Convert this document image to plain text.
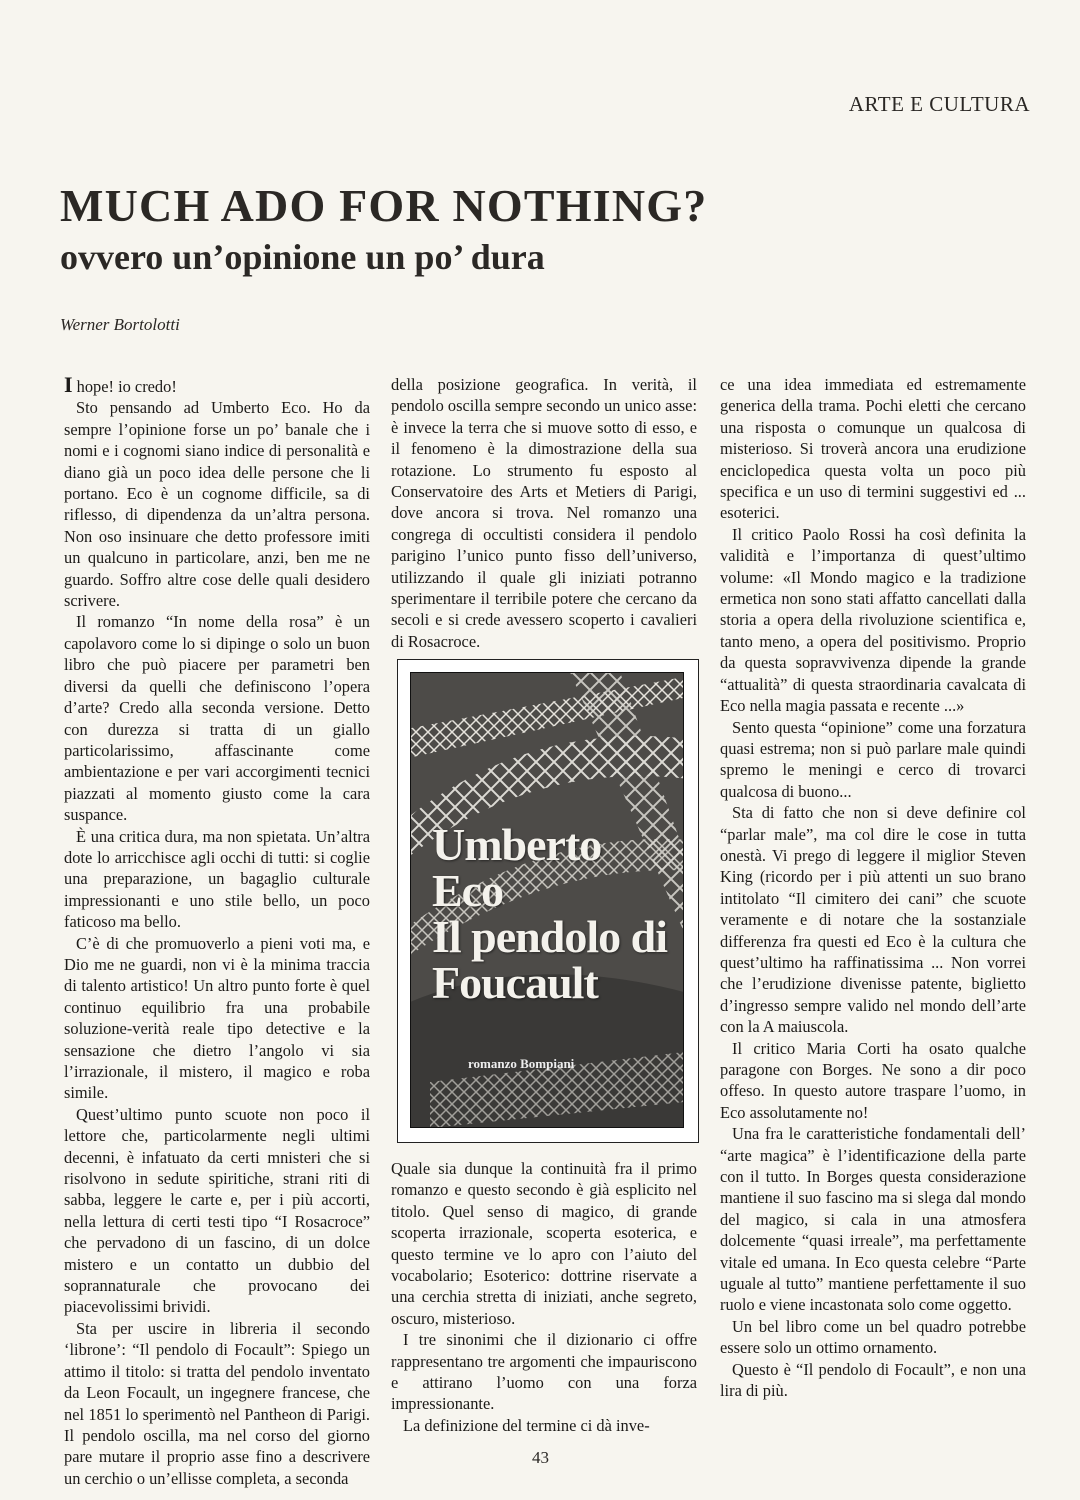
ARTE E CULTURA
MUCH ADO FOR NOTHING?
ovvero un’opinione un po’ dura
Werner Bortolotti

I hope! io credo!

Sto pensando ad Umberto Eco. Ho da sempre l’opinione forse un po’ banale che i nomi e i cognomi siano indice di personalità e diano già un poco idea delle persone che li portano. Eco è un cognome difficile, sa di riflesso, di dipendenza da un’altra persona. Non oso insinuare che detto professore imiti un qualcuno in particolare, anzi, ben me ne guardo. Soffro altre cose delle quali desidero scrivere.

Il romanzo “In nome della rosa” è un capolavoro come lo si dipinge o solo un buon libro che può piacere per parametri ben diversi da quelli che definiscono l’opera d’arte? Credo alla seconda versione. Detto con durezza si tratta di un giallo particolarissimo, affascinante come ambientazione e per vari accorgimenti tecnici piazzati al momento giusto come la cara suspance.

È una critica dura, ma non spietata. Un’altra dote lo arricchisce agli occhi di tutti: si coglie una preparazione, un bagaglio culturale impressionanti e uno stile bello, un poco faticoso ma bello.

C’è di che promuoverlo a pieni voti ma, e Dio me ne guardi, non vi è la minima traccia di talento artistico! Un altro punto forte è quel continuo equilibrio fra una probabile soluzione-verità reale tipo detective e la sensazione che dietro l’angolo vi sia l’irrazionale, il mistero, il magico e roba simile.

Quest’ultimo punto scuote non poco il lettore che, particolarmente negli ultimi decenni, è infatuato da certi mnisteri che si risolvono in sedute spiritiche, strani riti di sabba, leggere le carte e, per i più accorti, nella lettura di certi testi tipo “I Rosacroce” che pervadono di un fascino, di un dolce mistero e un contatto un dubbio del soprannaturale che provocano dei piacevolissimi brividi.

Sta per uscire in libreria il secondo ‘librone’: “Il pendolo di Focault”: Spiego un attimo il titolo: si tratta del pendolo inventato da Leon Focault, un ingegnere francese, che nel 1851 lo sperimentò nel Pantheon di Parigi. Il pendolo oscilla, ma nel corso del giorno pare mutare il proprio asse fino a descrivere un cerchio o un’ellisse completa, a seconda

della posizione geografica. In verità, il pendolo oscilla sempre secondo un unico asse: è invece la terra che si muove sotto di esso, e il fenomeno è la dimostrazione della sua rotazione. Lo strumento fu esposto al Conservatoire des Arts et Metiers di Parigi, dove ancora si trova. Nel romanzo una congrega di occultisti considera il pendolo parigino l’unico punto fisso dell’universo, utilizzando il quale gli iniziati potranno sperimentare il terribile potere che cercano da secoli e si crede avessero scoperto i cavalieri di Rosacroce.

Umberto Eco
Il pendolo di Foucault
romanzo Bompiani

Quale sia dunque la continuità fra il primo romanzo e questo secondo è già esplicito nel titolo. Quel senso di magico, di grande scoperta irrazionale, scoperta esoterica, e questo termine ve lo apro con l’aiuto del vocabolario; Esoterico: dottrine riservate a una cerchia stretta di iniziati, anche segreto, oscuro, misterioso.

I tre sinonimi che il dizionario ci offre rappresentano tre argomenti che impauriscono e attirano l’uomo con una forza impressionante.

La definizione del termine ci dà inve-

ce una idea immediata ed estremamente generica della trama. Pochi eletti che cercano una risposta o comunque un qualcosa di misterioso. Si troverà ancora una erudizione enciclopedica questa volta un poco più specifica e un uso di termini suggestivi ed ... esoterici.

Il critico Paolo Rossi ha così definita la validità e l’importanza di quest’ultimo volume: «Il Mondo magico e la tradizione ermetica non sono stati affatto cancellati dalla storia a opera della rivoluzione scientifica e, tanto meno, a opera del positivismo. Proprio da questa sopravvivenza dipende la grande “attualità” di questa straordinaria cavalcata di Eco nella magia passata e recente ...»

Sento questa “opinione” come una forzatura quasi estrema; non si può parlare male quindi spremo le meningi e cerco di trovarci qualcosa di buono...

Sta di fatto che non si deve definire col “parlar male”, ma col dire le cose in tutta onestà. Vi prego di leggere il miglior Steven King (ricordo per i più attenti un suo brano intitolato “Il cimitero dei cani” che scuote veramente e di notare che la sostanziale differenza fra questi ed Eco è la cultura che quest’ultimo ha raffinatissima ... Non vorrei che l’erudizione divenisse patente, biglietto d’ingresso sempre valido nel mondo dell’arte con la A maiuscola.

Il critico Maria Corti ha osato qualche paragone con Borges. Ne sono a dir poco offeso. In questo autore traspare l’uomo, in Eco assolutamente no!

Una fra le caratteristiche fondamentali dell’ “arte magica” è l’identificazione della parte con il tutto. In Borges questa considerazione mantiene il suo fascino ma si slega dal mondo del magico, si cala in una atmosfera dolcemente “quasi irreale”, ma perfettamente vitale ed umana. In Eco questa celebre “Parte uguale al tutto” mantiene perfettamente il suo ruolo e viene incastonata solo come oggetto.

Un bel libro come un bel quadro potrebbe essere solo un ottimo ornamento.

Questo è “Il pendolo di Focault”, e non una lira di più.

43
